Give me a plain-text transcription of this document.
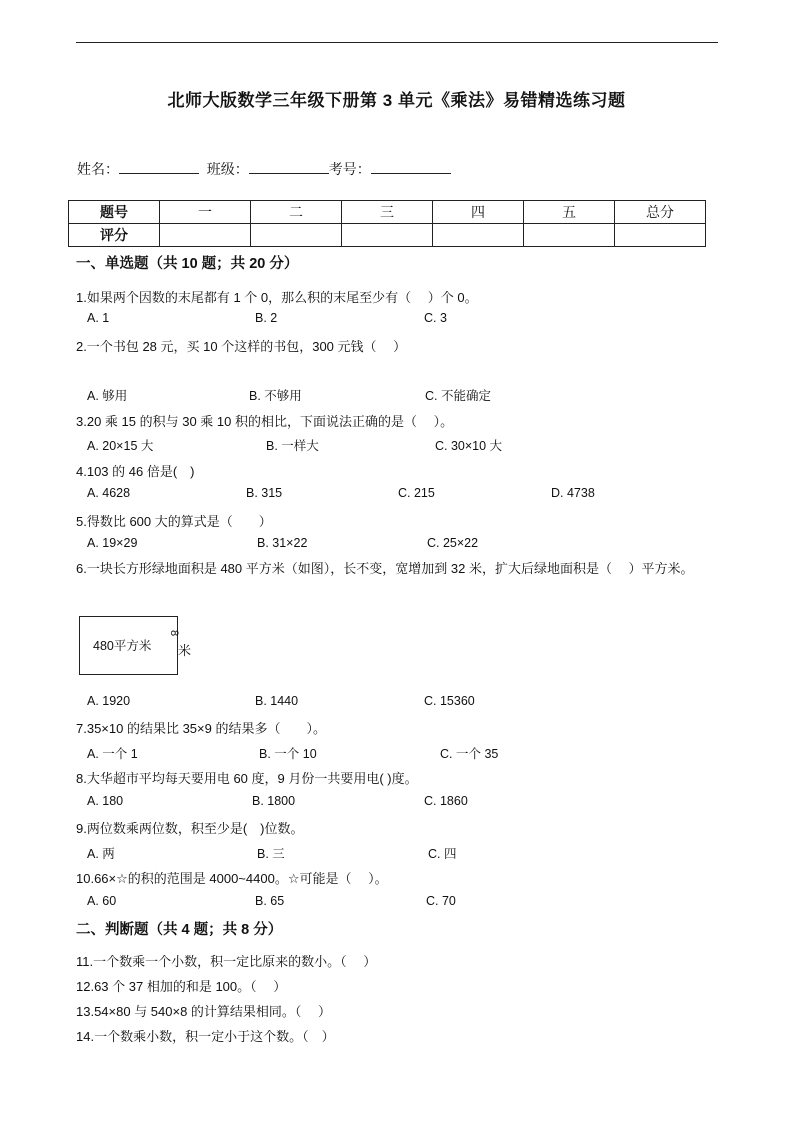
北师大版数学三年级下册第 3 单元《乘法》易错精选练习题
姓名：	班级：	考号：
题号	一	二	三	四	五	总分
评分						
一、单选题（共 10 题；共 20 分）
1.如果两个因数的末尾都有 1 个 0，那么积的末尾至少有（　 ）个 0。
A. 1	B. 2	C. 3
2.一个书包 28 元，买 10 个这样的书包，300 元钱（　 ）
A. 够用	B. 不够用	C. 不能确定
3.20 乘 15 的积与 30 乘 10 积的相比，下面说法正确的是（　 ）。
A. 20×15 大	B. 一样大	C. 30×10 大
4.103 的 46 倍是(　)
A. 4628	B. 315	C. 215	D. 4738
5.得数比 600 大的算式是（　　）
A. 19×29	B. 31×22	C. 25×22
6.一块长方形绿地面积是 480 平方米（如图），长不变，宽增加到 32 米，扩大后绿地面积是（　 ）平方米。
480平方米
8
米
A. 1920	B. 1440	C. 15360
7.35×10 的结果比 35×9 的结果多（　　）。
A. 一个 1	B. 一个 10	C. 一个 35
8.大华超市平均每天要用电 60 度，9 月份一共要用电( )度。
A. 180	B. 1800	C. 1860
9.两位数乘两位数，积至少是(　)位数。
A. 两	B. 三	C. 四
10.66×☆的积的范围是 4000~4400。☆可能是（　 ）。
A. 60	B. 65	C. 70
二、判断题（共 4 题；共 8 分）
11.一个数乘一个小数，积一定比原来的数小。（　 ）
12.63 个 37 相加的和是 100。（　 ）
13.54×80 与 540×8 的计算结果相同。（　 ）
14.一个数乘小数，积一定小于这个数。（　）
